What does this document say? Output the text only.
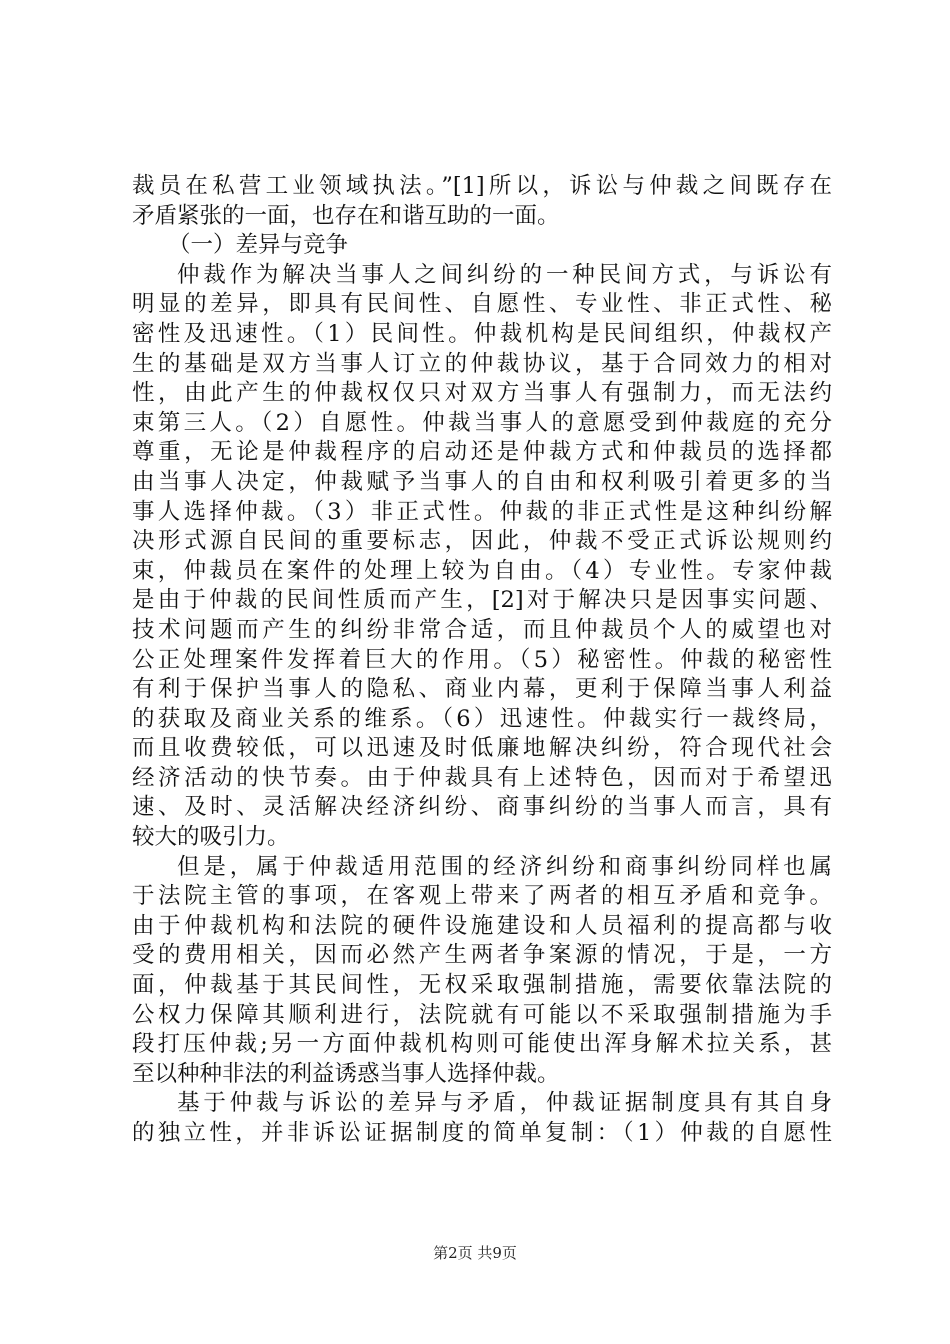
裁员在私营工业领域执法。”[1]所以，诉讼与仲裁之间既存在
矛盾紧张的一面，也存在和谐互助的一面。
（一）差异与竞争
仲裁作为解决当事人之间纠纷的一种民间方式，与诉讼有
明显的差异，即具有民间性、自愿性、专业性、非正式性、秘
密性及迅速性。（1）民间性。仲裁机构是民间组织，仲裁权产
生的基础是双方当事人订立的仲裁协议，基于合同效力的相对
性，由此产生的仲裁权仅只对双方当事人有强制力，而无法约
束第三人。（2）自愿性。仲裁当事人的意愿受到仲裁庭的充分
尊重，无论是仲裁程序的启动还是仲裁方式和仲裁员的选择都
由当事人决定，仲裁赋予当事人的自由和权利吸引着更多的当
事人选择仲裁。（3）非正式性。仲裁的非正式性是这种纠纷解
决形式源自民间的重要标志，因此，仲裁不受正式诉讼规则约
束，仲裁员在案件的处理上较为自由。（4）专业性。专家仲裁
是由于仲裁的民间性质而产生，[2]对于解决只是因事实问题、
技术问题而产生的纠纷非常合适，而且仲裁员个人的威望也对
公正处理案件发挥着巨大的作用。（5）秘密性。仲裁的秘密性
有利于保护当事人的隐私、商业内幕，更利于保障当事人利益
的获取及商业关系的维系。（6）迅速性。仲裁实行一裁终局，
而且收费较低，可以迅速及时低廉地解决纠纷，符合现代社会
经济活动的快节奏。由于仲裁具有上述特色，因而对于希望迅
速、及时、灵活解决经济纠纷、商事纠纷的当事人而言，具有
较大的吸引力。
但是，属于仲裁适用范围的经济纠纷和商事纠纷同样也属
于法院主管的事项，在客观上带来了两者的相互矛盾和竞争。
由于仲裁机构和法院的硬件设施建设和人员福利的提高都与收
受的费用相关，因而必然产生两者争案源的情况，于是，一方
面，仲裁基于其民间性，无权采取强制措施，需要依靠法院的
公权力保障其顺利进行，法院就有可能以不采取强制措施为手
段打压仲裁;另一方面仲裁机构则可能使出浑身解术拉关系，甚
至以种种非法的利益诱惑当事人选择仲裁。
基于仲裁与诉讼的差异与矛盾，仲裁证据制度具有其自身
的独立性，并非诉讼证据制度的简单复制：（1）仲裁的自愿性
第2页 共9页
